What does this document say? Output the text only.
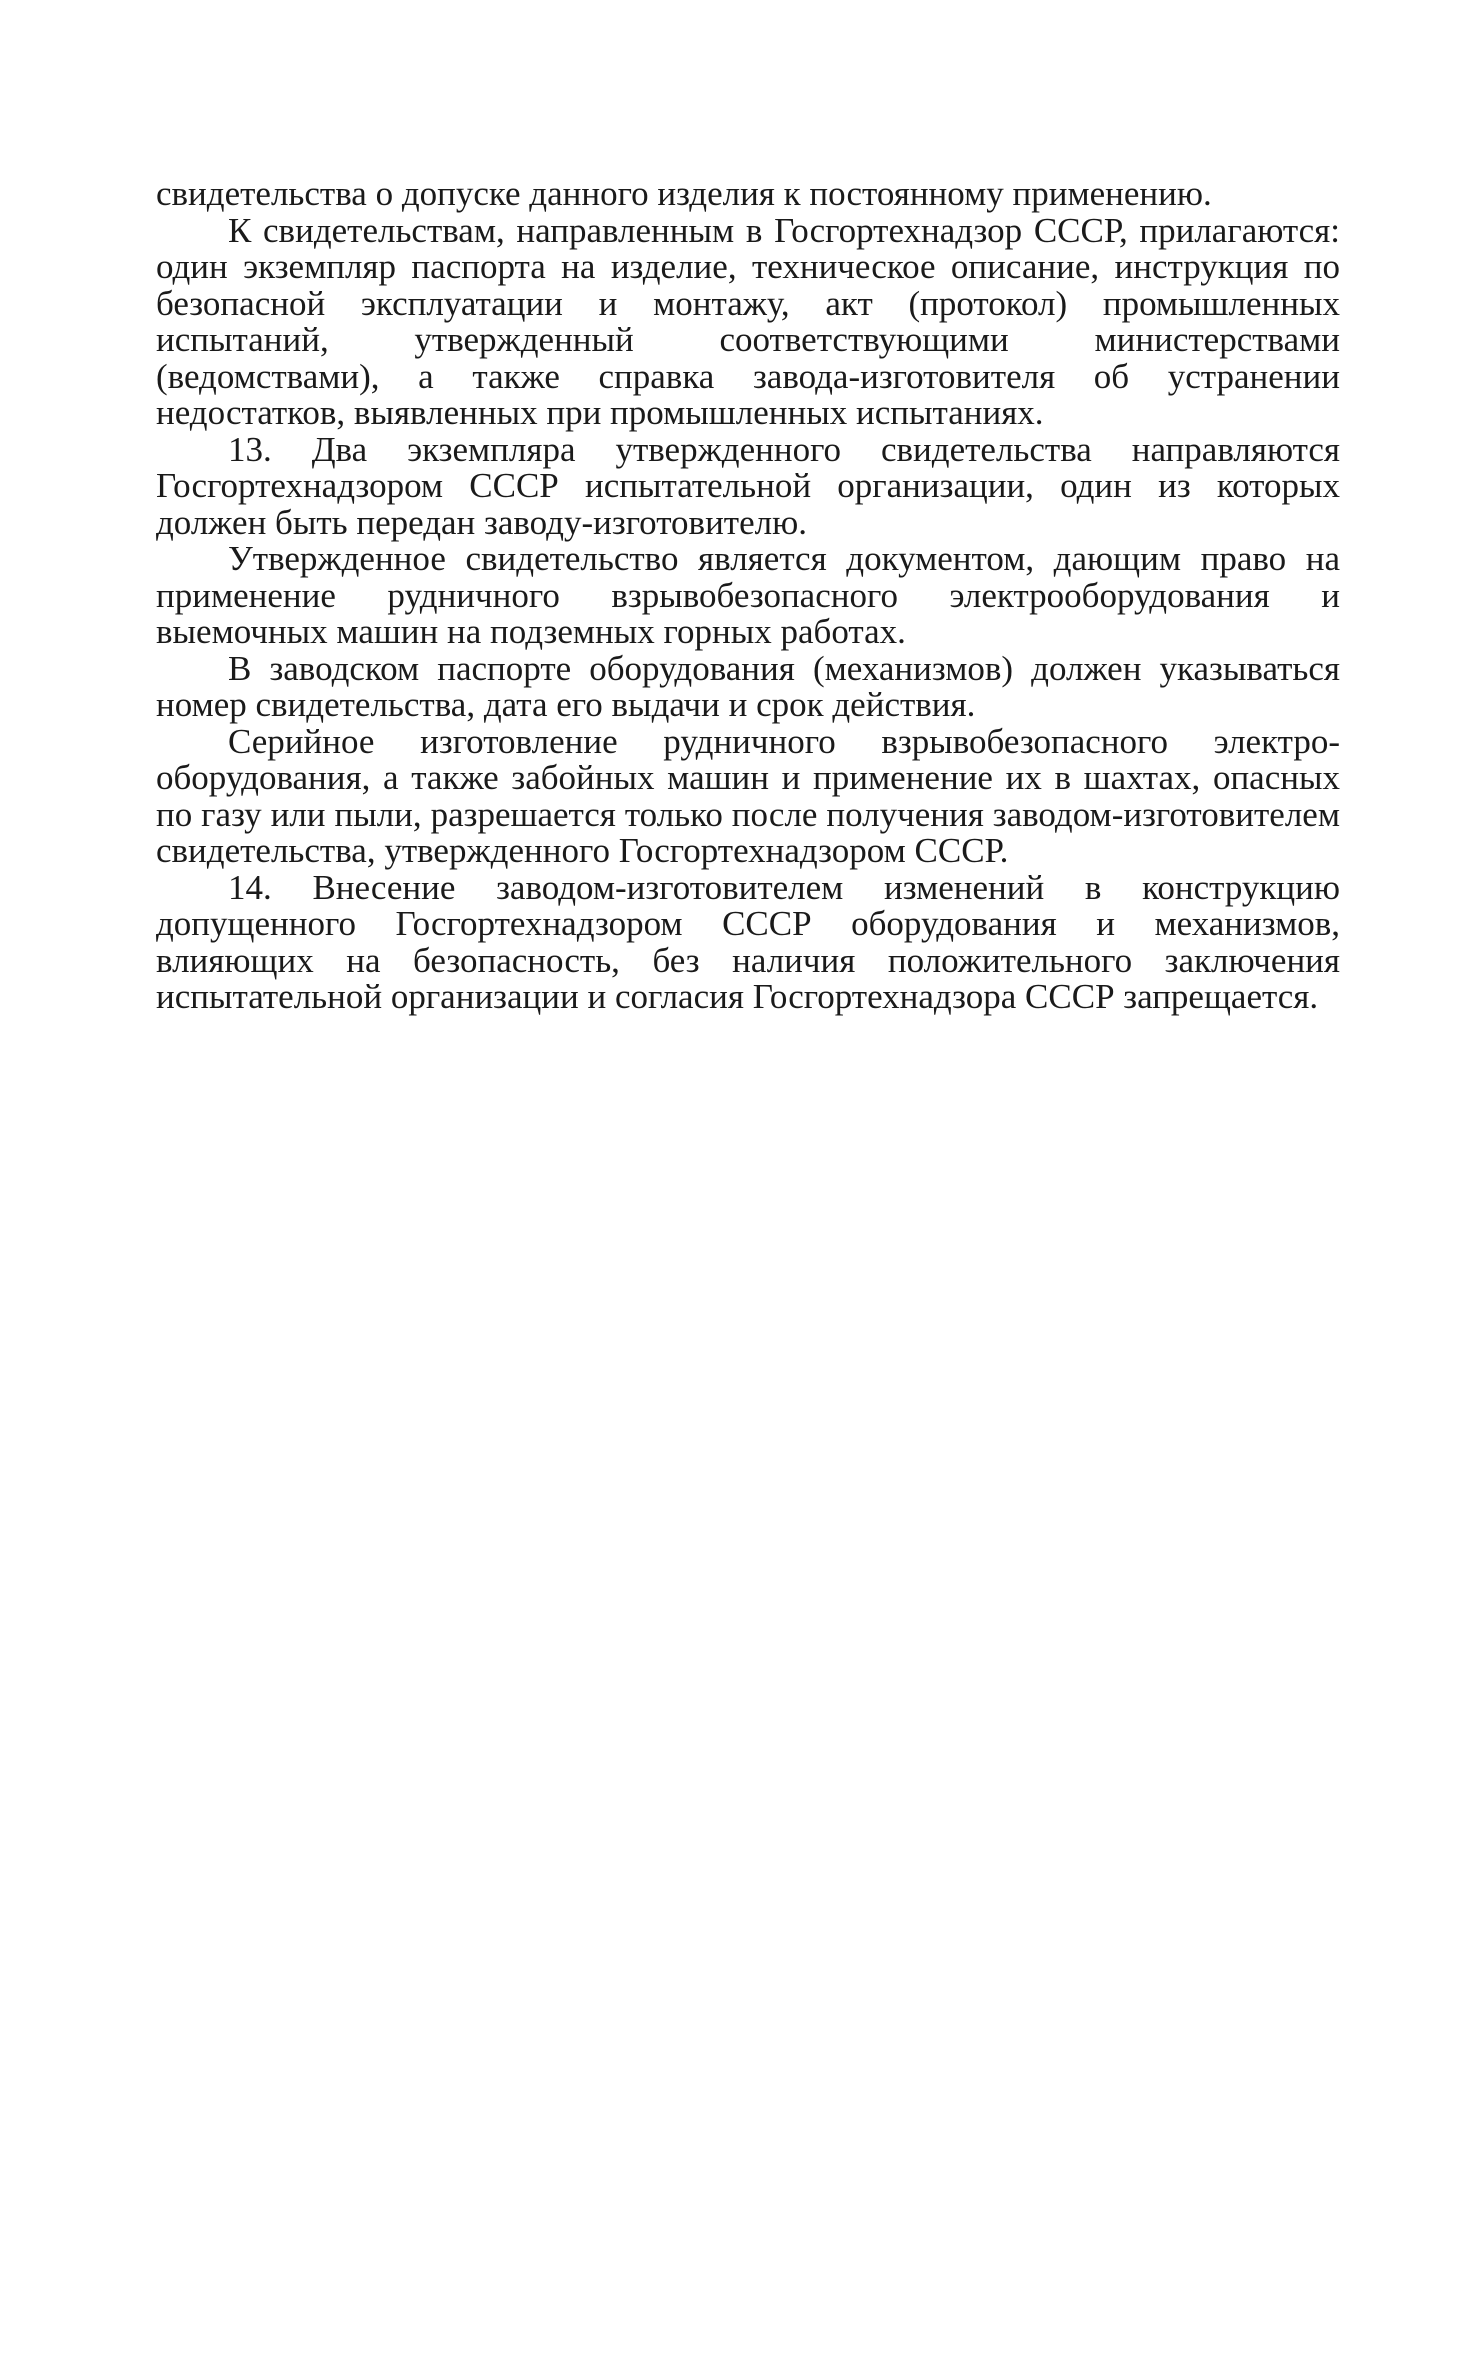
свидетельства о допуске данного изделия к постоянному применению.

К свидетельствам, направленным в Госгортехнадзор СССР, прилагаются: один экземпляр паспорта на изделие, техническое описание, инструкция по безопасной эксплуатации и монтажу, акт (протокол) промышленных испытаний, утвержденный соответствующими министерствами (ведомствами), а также справка завода-изготовителя об устранении недостатков, выявленных при промышленных испытаниях.

13. Два экземпляра утвержденного свидетельства направляются Госгортехнадзором СССР испытательной организации, один из которых должен быть передан заводу-изготовителю.

Утвержденное свидетельство является документом, дающим право на применение рудничного взрывобезопасного электрооборудования и выемочных машин на подземных горных работах.

В заводском паспорте оборудования (механизмов) должен указываться номер свидетельства, дата его выдачи и срок действия.

Серийное изготовление рудничного взрывобезопасного электрооборудования, а также забойных машин и применение их в шахтах, опасных по газу или пыли, разрешается только после получения заводом-изготовителем свидетельства, утвержденного Госгортехнадзором СССР.

14. Внесение заводом-изготовителем изменений в конструкцию допущенного Госгортехнадзором СССР оборудования и механизмов, влияющих на безопасность, без наличия положительного заключения испытательной организации и согласия Госгортехнадзора СССР запрещается.
